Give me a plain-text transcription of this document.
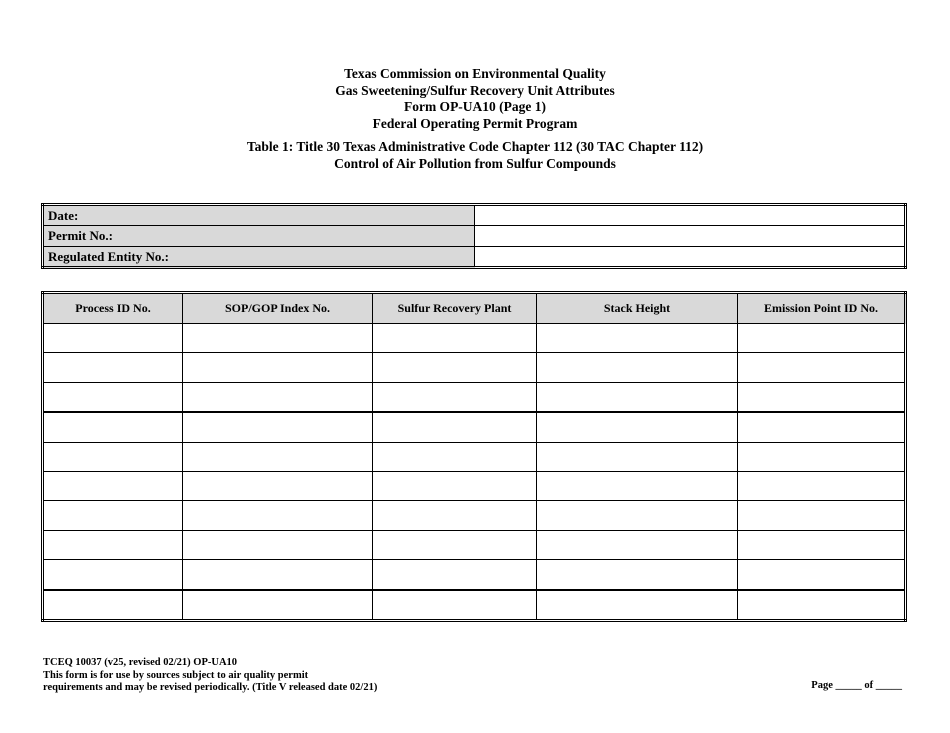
Texas Commission on Environmental Quality
Gas Sweetening/Sulfur Recovery Unit Attributes
Form OP-UA10 (Page 1)
Federal Operating Permit Program
Table 1: Title 30 Texas Administrative Code Chapter 112 (30 TAC Chapter 112)
Control of Air Pollution from Sulfur Compounds
Date:	
Permit No.:	
Regulated Entity No.:	
Process ID No.	SOP/GOP Index No.	Sulfur Recovery Plant	Stack Height	Emission Point ID No.

TCEQ 10037 (v25, revised 02/21) OP-UA10
This form is for use by sources subject to air quality permit
requirements and may be revised periodically. (Title V released date 02/21)	Page _____ of _____
